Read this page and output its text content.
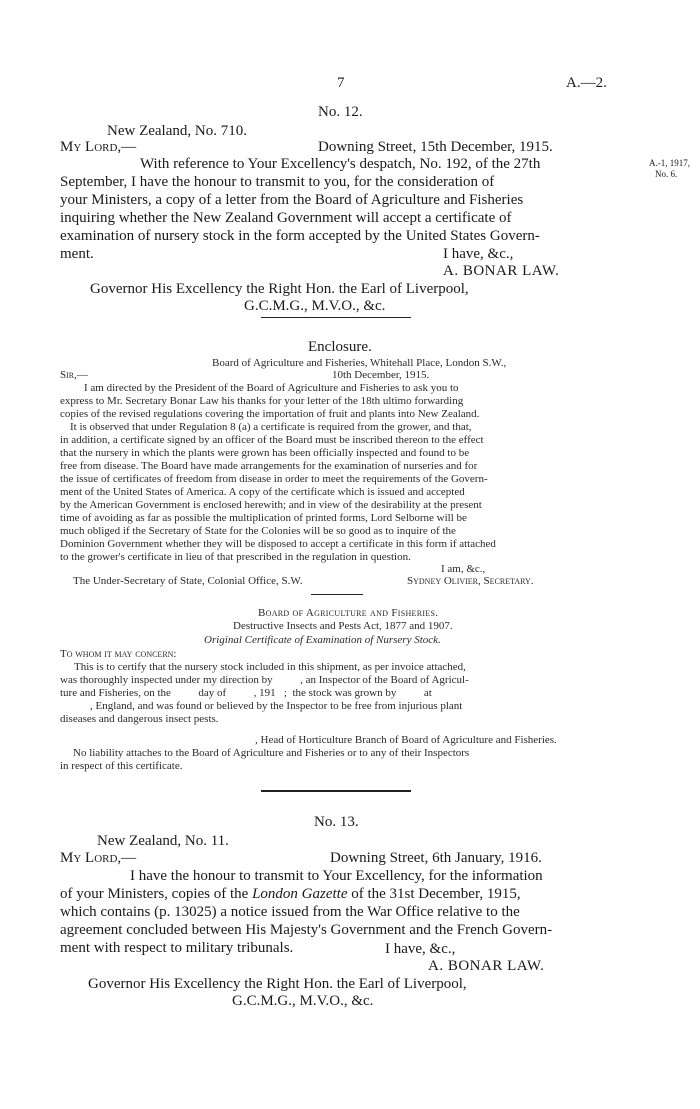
7	A.—2.
No. 12.
New Zealand, No. 710.
My Lord,—	Downing Street, 15th December, 1915.
A.-1, 1917,
No. 6.

With reference to Your Excellency's despatch, No. 192, of the 27th

September, I have the honour to transmit to you, for the consideration of

your Ministers, a copy of a letter from the Board of Agriculture and Fisheries

inquiring whether the New Zealand Government will accept a certificate of

examination of nursery stock in the form accepted by the United States Govern-

ment.	I have, &c.,
A. BONAR LAW.
Governor His Excellency the Right Hon. the Earl of Liverpool,
G.C.M.G., M.V.O., &c.
Enclosure.
Board of Agriculture and Fisheries, Whitehall Place, London S.W.,
10th December, 1915.
Sir,—

I am directed by the President of the Board of Agriculture and Fisheries to ask you to

express to Mr. Secretary Bonar Law his thanks for your letter of the 18th ultimo forwarding

copies of the revised regulations covering the importation of fruit and plants into New Zealand.

It is observed that under Regulation 8 (a) a certificate is required from the grower, and that,

in addition, a certificate signed by an officer of the Board must be inscribed thereon to the effect

that the nursery in which the plants were grown has been officially inspected and found to be

free from disease. The Board have made arrangements for the examination of nurseries and for

the issue of certificates of freedom from disease in order to meet the requirements of the Govern-

ment of the United States of America. A copy of the certificate which is issued and accepted

by the American Government is enclosed herewith; and in view of the desirability at the present

time of avoiding as far as possible the multiplication of printed forms, Lord Selborne will be

much obliged if the Secretary of State for the Colonies will be so good as to inquire of the

Dominion Government whether they will be disposed to accept a certificate in this form if attached

to the grower's certificate in lieu of that prescribed in the regulation in question.

I am, &c.,
The Under-Secretary of State, Colonial Office, S.W.	Sydney Olivier, Secretary.
Board of Agriculture and Fisheries.
Destructive Insects and Pests Act, 1877 and 1907.
Original Certificate of Examination of Nursery Stock.
To whom it may concern:

This is to certify that the nursery stock included in this shipment, as per invoice attached,

was thoroughly inspected under my direction by          , an Inspector of the Board of Agricul-

ture and Fisheries, on the          day of          , 191   ;  the stock was grown by          at

, England, and was found or believed by the Inspector to be free from injurious plant

diseases and dangerous insect pests.

, Head of Horticulture Branch of Board of Agriculture and Fisheries.
No liability attaches to the Board of Agriculture and Fisheries or to any of their Inspectors
in respect of this certificate.
No. 13.
New Zealand, No. 11.
My Lord,—	Downing Street, 6th January, 1916.

I have the honour to transmit to Your Excellency, for the information

of your Ministers, copies of the London Gazette of the 31st December, 1915,

which contains (p. 13025) a notice issued from the War Office relative to the

agreement concluded between His Majesty's Government and the French Govern-

ment with respect to military tribunals.	I have, &c.,
A. BONAR LAW.
Governor His Excellency the Right Hon. the Earl of Liverpool,
G.C.M.G., M.V.O., &c.
